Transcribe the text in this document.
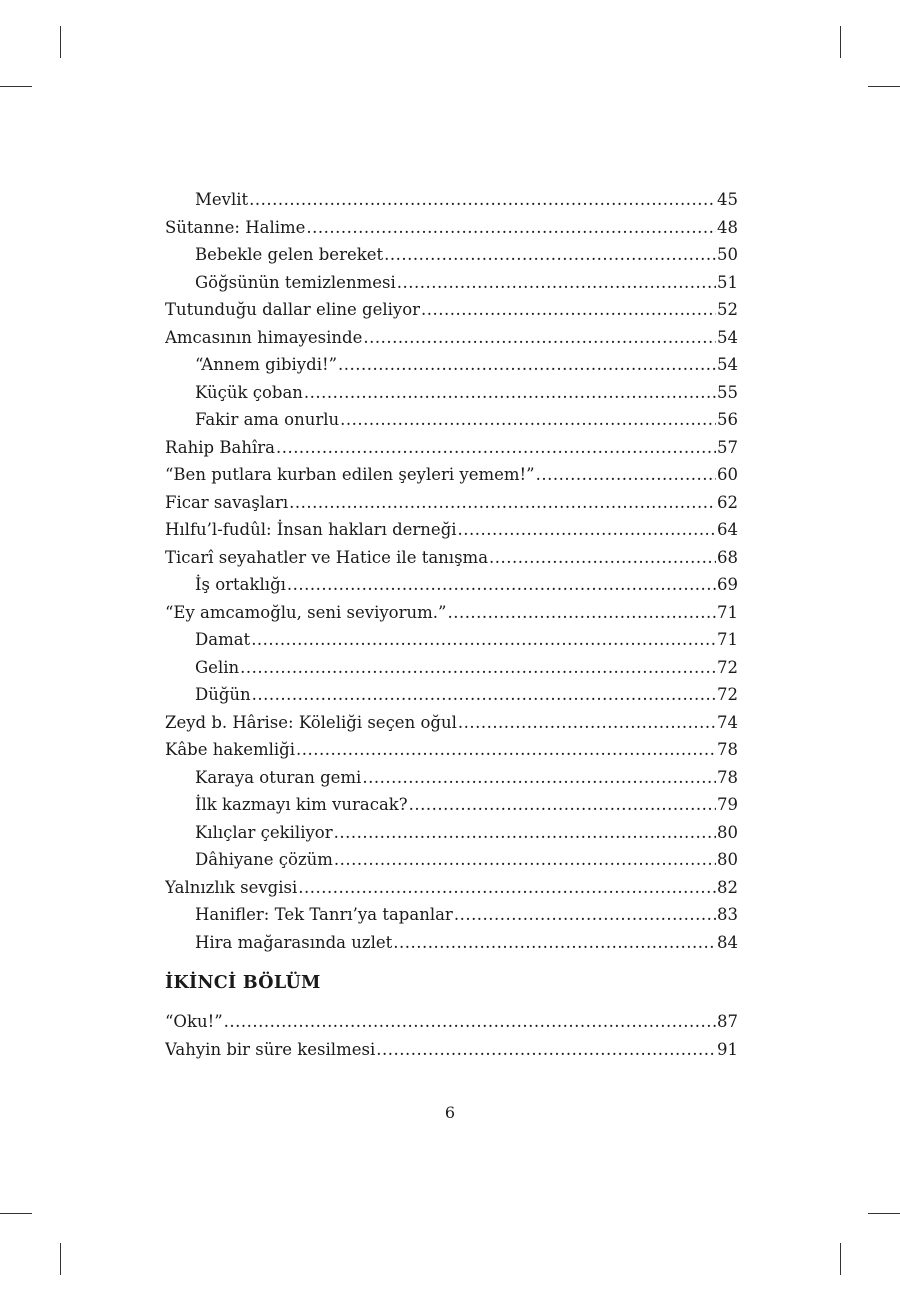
Mevlit .....	45
Sütanne: Halime .....	48
Bebekle gelen bereket .....	50
Göğsünün temizlenmesi .....	51
Tutunduğu dallar eline geliyor .....	52
Amcasının himayesinde .....	54
“Annem gibiydi!” .....	54
Küçük çoban .....	55
Fakir ama onurlu .....	56
Rahip Bahîra .....	57
“Ben putlara kurban edilen şeyleri yemem!” .....	60
Ficar savaşları .....	62
Hılfu’l-fudûl: İnsan hakları derneği .....	64
Ticarî seyahatler ve Hatice ile tanışma .....	68
İş ortaklığı .....	69
“Ey amcamoğlu, seni seviyorum.” .....	71
Damat .....	71
Gelin .....	72
Düğün .....	72
Zeyd b. Hârise: Köleliği seçen oğul .....	74
Kâbe hakemliği .....	78
Karaya oturan gemi .....	78
İlk kazmayı kim vuracak? .....	79
Kılıçlar çekiliyor .....	80
Dâhiyane çözüm .....	80
Yalnızlık sevgisi .....	82
Hanifler: Tek Tanrı’ya tapanlar .....	83
Hira mağarasında uzlet .....	84
İKİNCİ BÖLÜM
“Oku!” .....	87
Vahyin bir süre kesilmesi .....	91
6
